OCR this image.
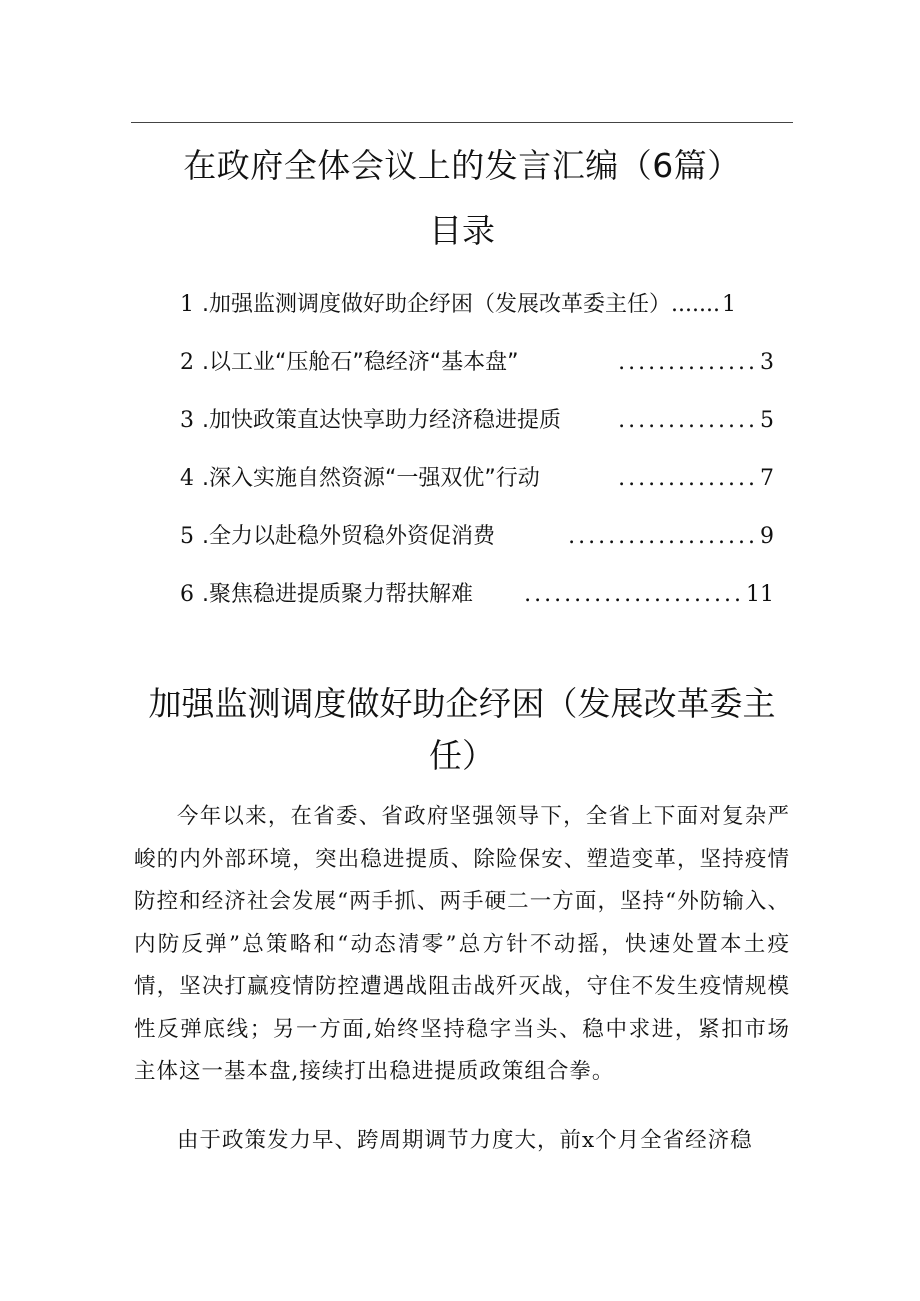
在政府全体会议上的发言汇编（6篇）
目录
1 .加强监测调度做好助企纾困（发展改革委主任） ....... 1
2 .以工业“压舱石”稳经济“基本盘”	.............. 3
3 .加快政策直达快享助力经济稳进提质	.............. 5
4 .深入实施自然资源“一强双优”行动	.............. 7
5 .全力以赴稳外贸稳外资促消费	................... 9
6 .聚焦稳进提质聚力帮扶解难	...................... 11
加强监测调度做好助企纾困（发展改革委主任）

今年以来，在省委、省政府坚强领导下，全省上下面对复杂严峻的内外部环境，突出稳进提质、除险保安、塑造变革，坚持疫情防控和经济社会发展“两手抓、两手硬二一方面，坚持“外防输入、内防反弹”总策略和“动态清零”总方针不动摇，快速处置本土疫情，坚决打赢疫情防控遭遇战阻击战歼灭战，守住不发生疫情规模性反弹底线；另一方面,始终坚持稳字当头、稳中求进，紧扣市场主体这一基本盘,接续打出稳进提质政策组合拳。

由于政策发力早、跨周期调节力度大，前x个月全省经济稳
